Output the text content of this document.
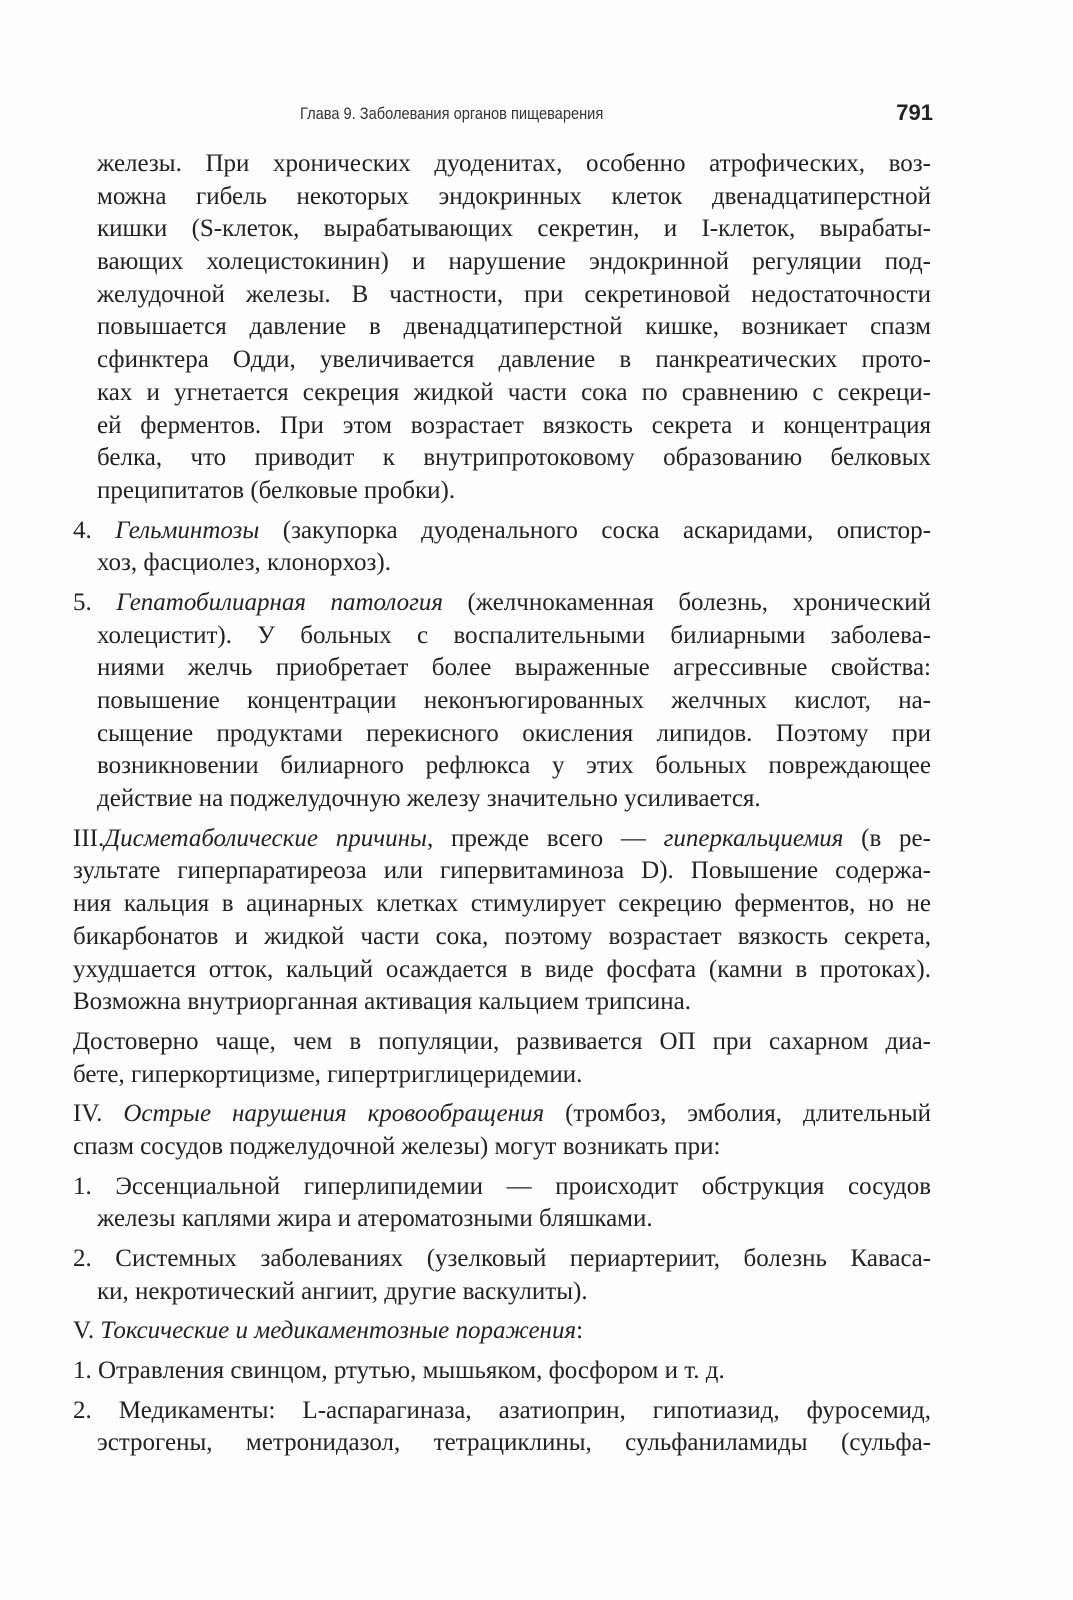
Глава 9. Заболевания органов пищеварения	791
железы. При хронических дуоденитах, особенно атрофических, воз-
можна гибель некоторых эндокринных клеток двенадцатиперстной
кишки (S-клеток, вырабатывающих секретин, и I-клеток, вырабаты-
вающих холецистокинин) и нарушение эндокринной регуляции под-
желудочной железы. В частности, при секретиновой недостаточности
повышается давление в двенадцатиперстной кишке, возникает спазм
сфинктера Одди, увеличивается давление в панкреатических прото-
ках и угнетается секреция жидкой части сока по сравнению с секреци-
ей ферментов. При этом возрастает вязкость секрета и концентрация
белка, что приводит к внутрипротоковому образованию белковых
преципитатов (белковые пробки).
4. Гельминтозы (закупорка дуоденального соска аскаридами, опистор-
хоз, фасциолез, клонорхоз).
5. Гепатобилиарная патология (желчнокаменная болезнь, хронический
холецистит). У больных с воспалительными билиарными заболева-
ниями желчь приобретает более выраженные агрессивные свойства:
повышение концентрации неконъюгированных желчных кислот, на-
сыщение продуктами перекисного окисления липидов. Поэтому при
возникновении билиарного рефлюкса у этих больных повреждающее
действие на поджелудочную железу значительно усиливается.
III.Дисметаболические причины, прежде всего — гиперкальциемия (в ре-
зультате гиперпаратиреоза или гипервитаминоза D). Повышение содержа-
ния кальция в ацинарных клетках стимулирует секрецию ферментов, но не
бикарбонатов и жидкой части сока, поэтому возрастает вязкость секрета,
ухудшается отток, кальций осаждается в виде фосфата (камни в протоках).
Возможна внутриорганная активация кальцием трипсина.
Достоверно чаще, чем в популяции, развивается ОП при сахарном диа-
бете, гиперкортицизме, гипертриглицеридемии.
IV. Острые нарушения кровообращения (тромбоз, эмболия, длительный
спазм сосудов поджелудочной железы) могут возникать при:
1. Эссенциальной гиперлипидемии — происходит обструкция сосудов
железы каплями жира и атероматозными бляшками.
2. Системных заболеваниях (узелковый периартериит, болезнь Кавасa-
ки, некротический ангиит, другие васкулиты).
V. Токсические и медикаментозные поражения:
1. Отравления свинцом, ртутью, мышьяком, фосфором и т. д.
2. Медикаменты: L-аспарагиназа, азатиоприн, гипотиазид, фуросемид,
эстрогены, метронидазол, тетрациклины, сульфаниламиды (сульфа-
